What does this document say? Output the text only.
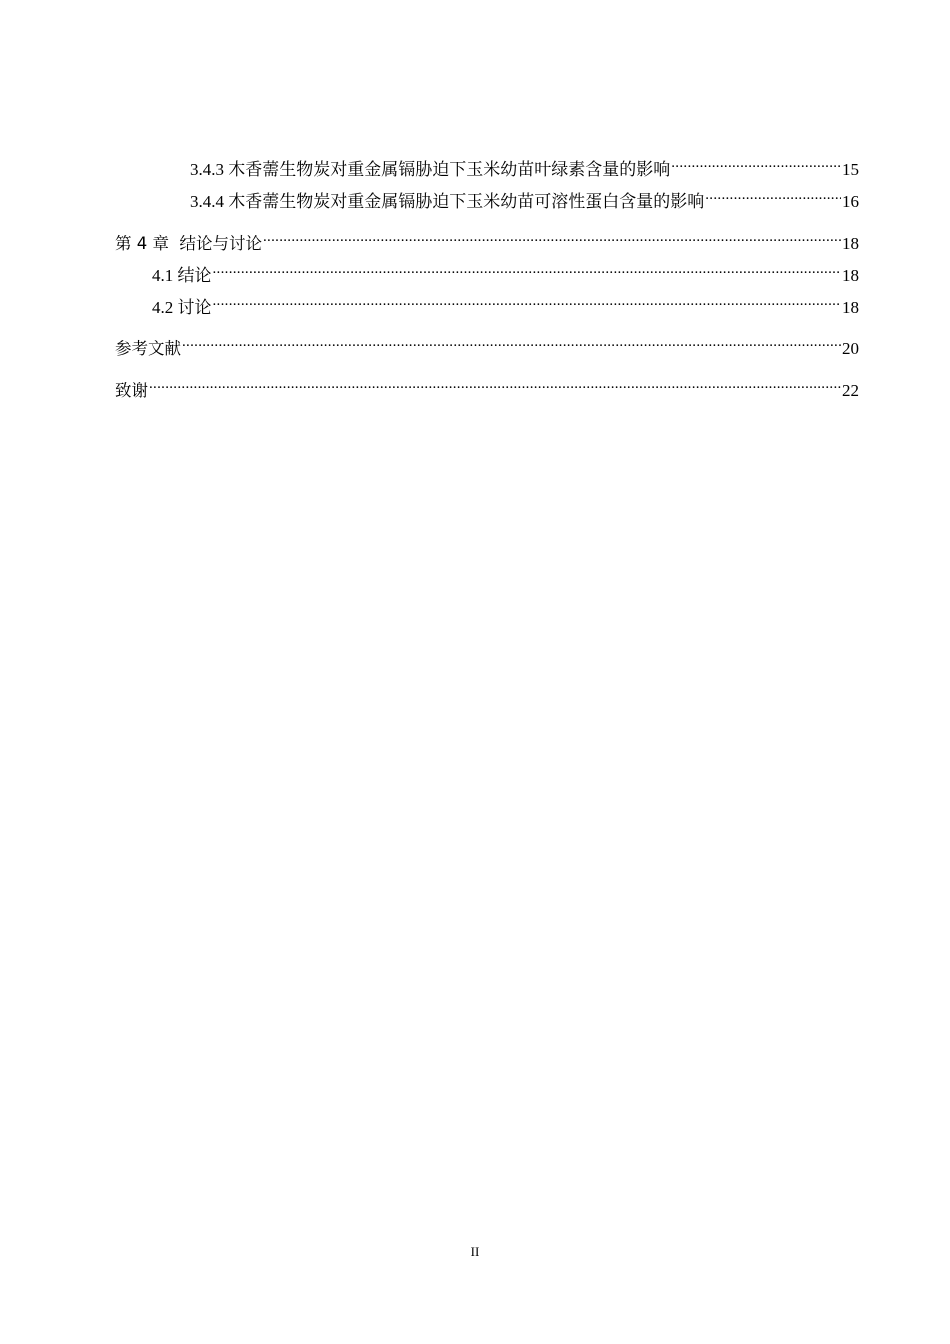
3.4.3 木香薷生物炭对重金属镉胁迫下玉米幼苗叶绿素含量的影响 .....	15
3.4.4 木香薷生物炭对重金属镉胁迫下玉米幼苗可溶性蛋白含量的影响 .....	16
第 4 章 结论与讨论 .....	18
4.1 结论 .....	18
4.2 讨论 .....	18
参考文献 .....	20
致谢 .....	22
II
